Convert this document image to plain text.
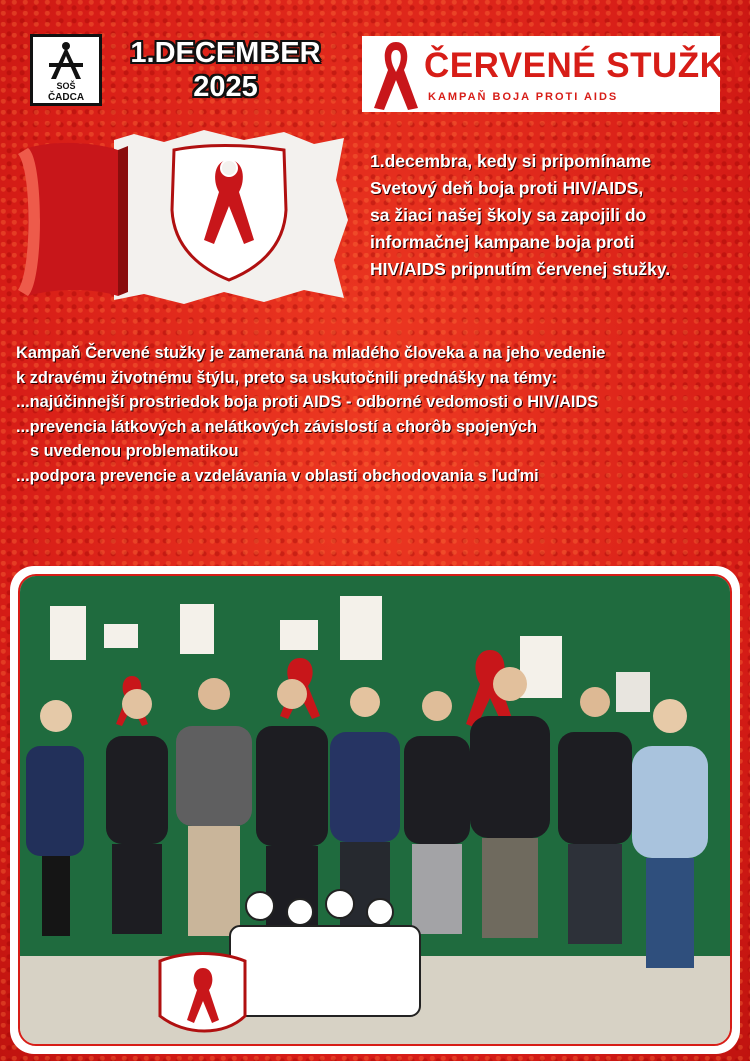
SOŠ
ČADCA
1.DECEMBER
2025
ČERVENÉ STUŽKY
KAMPAŇ BOJA PROTI AIDS
1.decembra, kedy si pripomíname
Svetový deň boja proti HIV/AIDS,
sa žiaci našej školy sa zapojili do
informačnej kampane boja proti
HIV/AIDS pripnutím červenej stužky.
Kampaň Červené stužky je zameraná na mladého človeka a na jeho vedenie
k zdravému životnému štýlu, preto sa uskutočnili prednášky na témy:
...najúčinnejší prostriedok boja proti AIDS - odborné vedomosti o HIV/AIDS
...prevencia látkových a nelátkových závislostí a chorôb spojených
s uvedenou problematikou
...podpora prevencie a vzdelávania v oblasti obchodovania s ľuďmi
